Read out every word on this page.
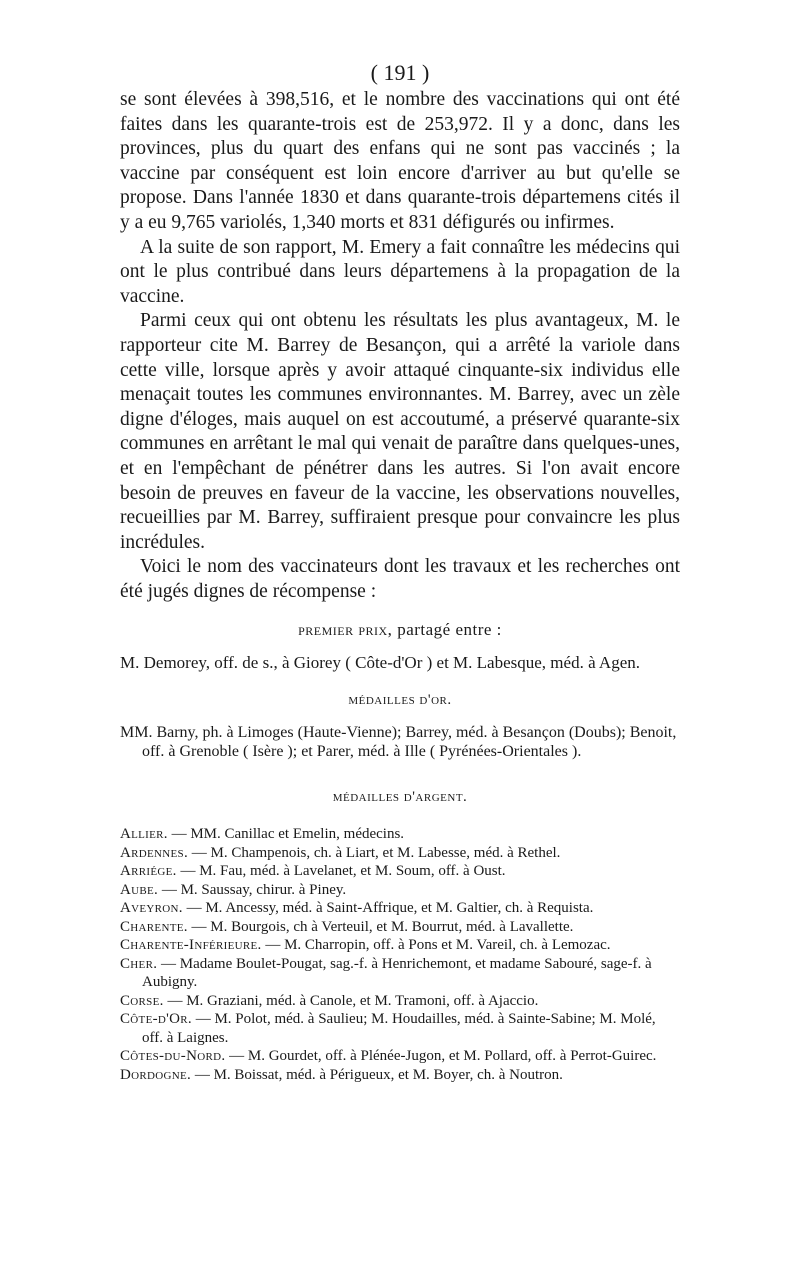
( 191 )

se sont élevées à 398,516, et le nombre des vaccinations qui ont été faites dans les quarante-trois est de 253,972. Il y a donc, dans les provinces, plus du quart des enfans qui ne sont pas vaccinés ; la vaccine par conséquent est loin encore d'arriver au but qu'elle se propose. Dans l'année 1830 et dans quarante-trois départemens cités il y a eu 9,765 variolés, 1,340 morts et 831 défigurés ou infirmes.

A la suite de son rapport, M. Emery a fait connaître les médecins qui ont le plus contribué dans leurs départemens à la propagation de la vaccine.

Parmi ceux qui ont obtenu les résultats les plus avantageux, M. le rapporteur cite M. Barrey de Besançon, qui a arrêté la variole dans cette ville, lorsque après y avoir attaqué cinquante-six individus elle menaçait toutes les communes environnantes. M. Barrey, avec un zèle digne d'éloges, mais auquel on est accoutumé, a préservé quarante-six communes en arrêtant le mal qui venait de paraître dans quelques-unes, et en l'empêchant de pénétrer dans les autres. Si l'on avait encore besoin de preuves en faveur de la vaccine, les observations nouvelles, recueillies par M. Barrey, suffiraient presque pour convaincre les plus incrédules.

Voici le nom des vaccinateurs dont les travaux et les recherches ont été jugés dignes de récompense :

premier prix, partagé entre :

M. Demorey, off. de s., à Giorey ( Côte-d'Or ) et M. Labesque, méd. à Agen.

médailles d'or.

MM. Barny, ph. à Limoges (Haute-Vienne); Barrey, méd. à Besançon (Doubs); Benoit, off. à Grenoble ( Isère ); et Parer, méd. à Ille ( Pyrénées-Orientales ).

médailles d'argent.

Allier. — MM. Canillac et Emelin, médecins.

Ardennes. — M. Champenois, ch. à Liart, et M. Labesse, méd. à Rethel.

Arriége. — M. Fau, méd. à Lavelanet, et M. Soum, off. à Oust.

Aube. — M. Saussay, chirur. à Piney.

Aveyron. — M. Ancessy, méd. à Saint-Affrique, et M. Galtier, ch. à Requista.

Charente. — M. Bourgois, ch à Verteuil, et M. Bourrut, méd. à Lavallette.

Charente-Inférieure. — M. Charropin, off. à Pons et M. Vareil, ch. à Lemozac.

Cher. — Madame Boulet-Pougat, sag.-f. à Henrichemont, et madame Sabouré, sage-f. à Aubigny.

Corse. — M. Graziani, méd. à Canole, et M. Tramoni, off. à Ajaccio.

Côte-d'Or. — M. Polot, méd. à Saulieu; M. Houdailles, méd. à Sainte-Sabine; M. Molé, off. à Laignes.

Côtes-du-Nord. — M. Gourdet, off. à Plénée-Jugon, et M. Pollard, off. à Perrot-Guirec.

Dordogne. — M. Boissat, méd. à Périgueux, et M. Boyer, ch. à Noutron.
